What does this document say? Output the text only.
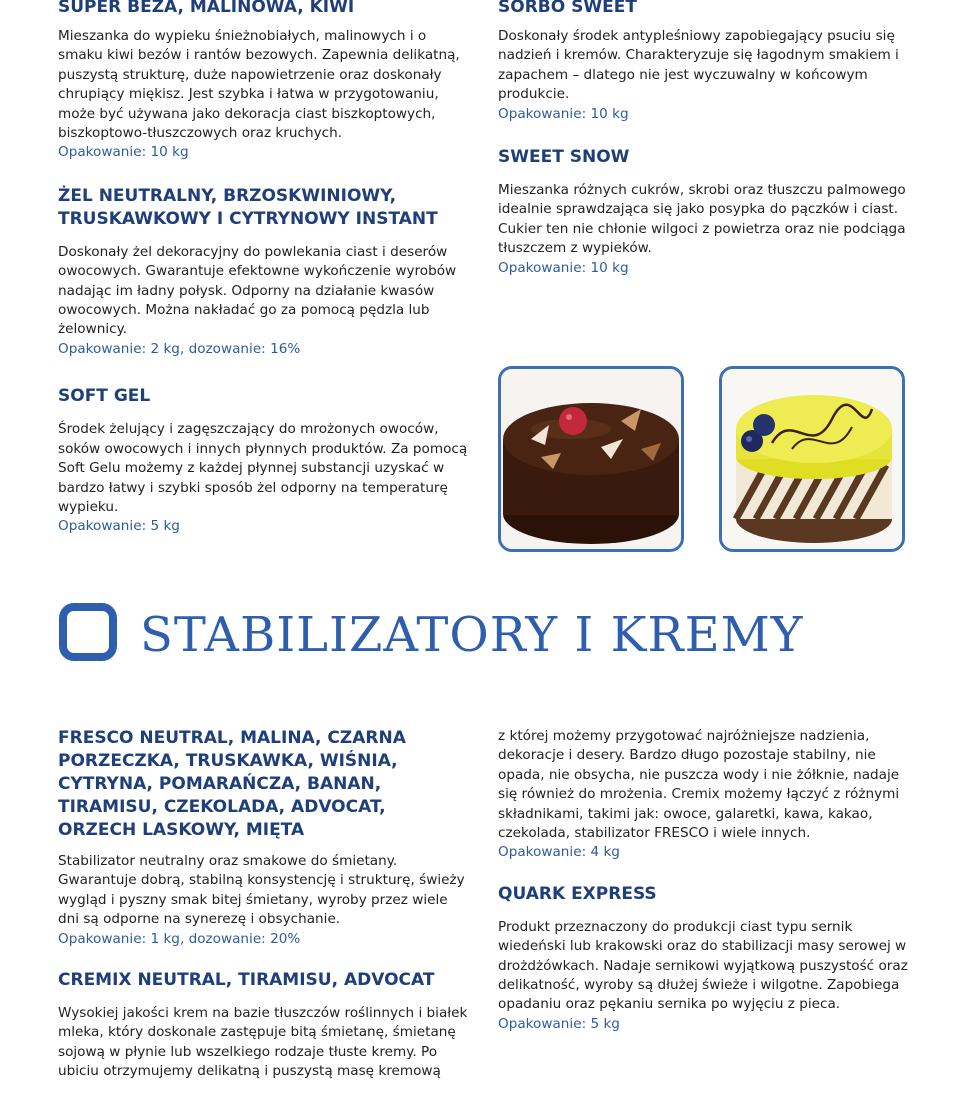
SUPER BEZA, MALINOWA, KIWI

Mieszanka do wypieku śnieżnobiałych, malinowych i o smaku kiwi bezów i rantów bezowych. Zapewnia delikatną, puszystą strukturę, duże napowietrzenie oraz doskonały chrupiący miękisz. Jest szybka i łatwa w przygotowaniu, może być używana jako dekoracja ciast biszkoptowych, biszkoptowo-tłuszczowych oraz kruchych.
Opakowanie: 10 kg

ŻEL NEUTRALNY, BRZOSKWINIOWY, TRUSKAWKOWY I CYTRYNOWY INSTANT

Doskonały żel dekoracyjny do powlekania ciast i deserów owocowych. Gwarantuje efektowne wykończenie wyrobów nadając im ładny połysk. Odporny na działanie kwasów owocowych. Można nakładać go za pomocą pędzla lub żelownicy.
Opakowanie: 2 kg, dozowanie: 16%

SOFT GEL

Środek żelujący i zagęszczający do mrożonych owoców, soków owocowych i innych płynnych produktów. Za pomocą Soft Gelu możemy z każdej płynnej substancji uzyskać w bardzo łatwy i szybki sposób żel odporny na temperaturę wypieku.
Opakowanie: 5 kg

SORBO SWEET

Doskonały środek antypleśniowy zapobiegający psuciu się nadzień i kremów. Charakteryzuje się łagodnym smakiem i zapachem – dlatego nie jest wyczuwalny w końcowym produkcie.
Opakowanie: 10 kg

SWEET SNOW

Mieszanka różnych cukrów, skrobi oraz tłuszczu palmowego idealnie sprawdzająca się jako posypka do pączków i ciast. Cukier ten nie chłonie wilgoci z powietrza oraz nie podciąga tłuszczem z wypieków.
Opakowanie: 10 kg

STABILIZATORY I KREMY
FRESCO NEUTRAL, MALINA, CZARNA PORZECZKA, TRUSKAWKA, WIŚNIA, CYTRYNA, POMARAŃCZA, BANAN, TIRAMISU, CZEKOLADA, ADVOCAT, ORZECH LASKOWY, MIĘTA

Stabilizator neutralny oraz smakowe do śmietany. Gwarantuje dobrą, stabilną konsystencję i strukturę, świeży wygląd i pyszny smak bitej śmietany, wyroby przez wiele dni są odporne na synerezę i obsychanie.
Opakowanie: 1 kg, dozowanie: 20%

CREMIX NEUTRAL, TIRAMISU, ADVOCAT

Wysokiej jakości krem na bazie tłuszczów roślinnych i białek mleka, który doskonale zastępuje bitą śmietanę, śmietanę sojową w płynie lub wszelkiego rodzaje tłuste kremy. Po ubiciu otrzymujemy delikatną i puszystą masę kremową

z której możemy przygotować najróżniejsze nadzienia, dekoracje i desery. Bardzo długo pozostaje stabilny, nie opada, nie obsycha, nie puszcza wody i nie żółknie, nadaje się również do mrożenia. Cremix możemy łączyć z różnymi składnikami, takimi jak: owoce, galaretki, kawa, kakao, czekolada, stabilizator FRESCO i wiele innych.
Opakowanie: 4 kg

QUARK EXPRESS

Produkt przeznaczony do produkcji ciast typu sernik wiedeński lub krakowski oraz do stabilizacji masy serowej w drożdżówkach. Nadaje sernikowi wyjątkową puszystość oraz delikatność, wyroby są dłużej świeże i wilgotne. Zapobiega opadaniu oraz pękaniu sernika po wyjęciu z pieca.
Opakowanie: 5 kg
